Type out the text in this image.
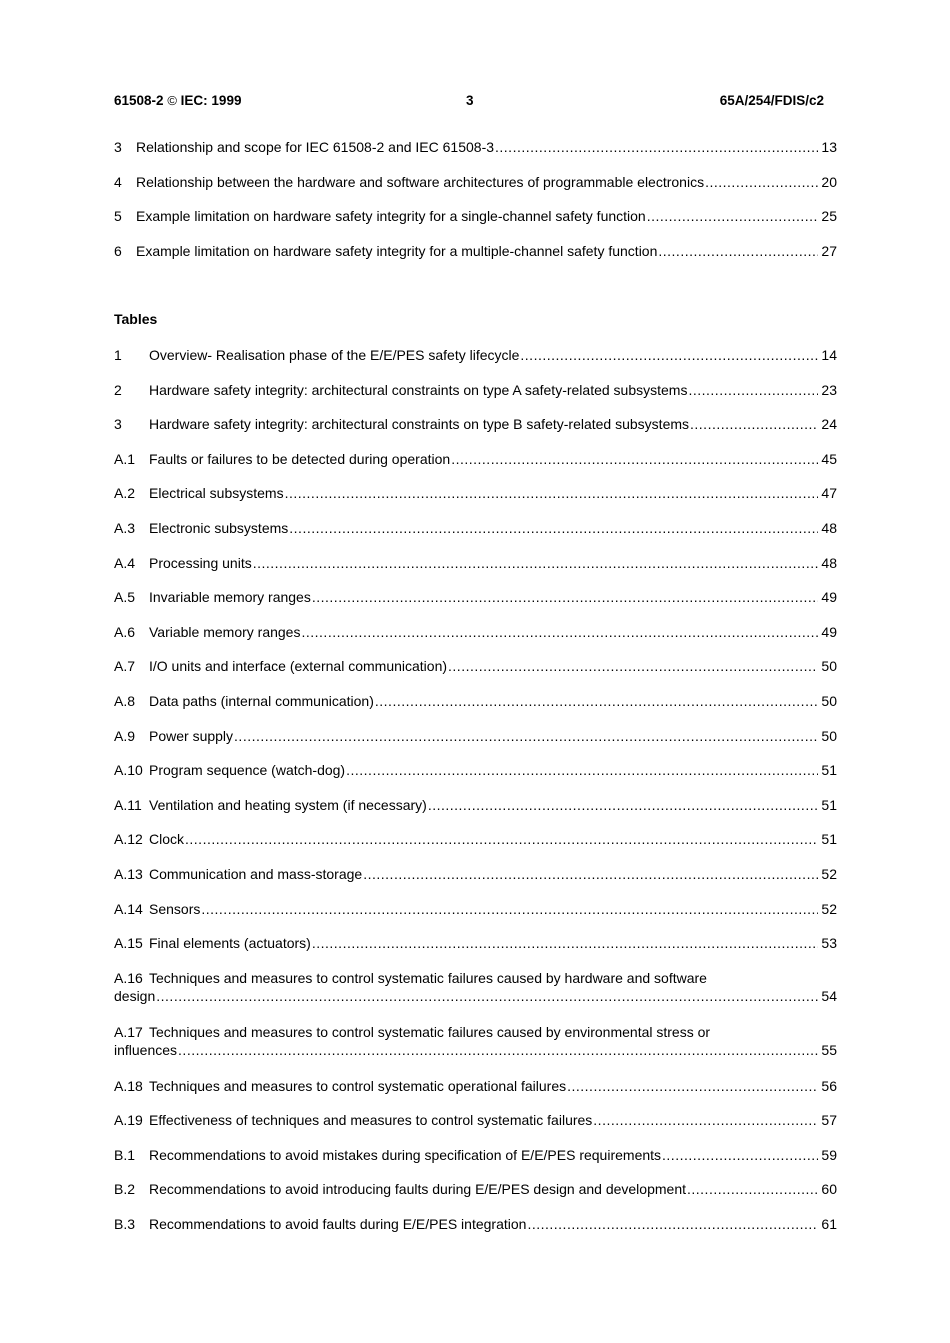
61508-2 © IEC: 1999	3	65A/254/FDIS/c2
3	Relationship and scope for IEC 61508-2 and IEC 61508-3 .....	13
4	Relationship between the hardware and software architectures of programmable electronics .....	20
5	Example limitation on hardware safety integrity for a single-channel safety function .....	25
6	Example limitation on hardware safety integrity for a multiple-channel safety function .....	27
Tables
1	Overview- Realisation phase of the E/E/PES safety lifecycle .....	14
2	Hardware safety integrity: architectural constraints on type A safety-related subsystems .....	23
3	Hardware safety integrity: architectural constraints on type B safety-related subsystems .....	24
A.1 Faults or failures to be detected during operation .....	45
A.2 Electrical subsystems .....	47
A.3 Electronic subsystems .....	48
A.4 Processing units .....	48
A.5 Invariable memory ranges .....	49
A.6 Variable memory ranges .....	49
A.7 I/O units and interface (external communication) .....	50
A.8 Data paths (internal communication) .....	50
A.9 Power supply .....	50
A.10 Program sequence (watch-dog) .....	51
A.11 Ventilation and heating system (if necessary) .....	51
A.12 Clock .....	51
A.13 Communication and mass-storage .....	52
A.14 Sensors .....	52
A.15 Final elements (actuators) .....	53
A.16 Techniques and measures to control systematic failures caused by hardware and software
design .....	54
A.17 Techniques and measures to control systematic failures caused by environmental stress or
influences .....	55
A.18 Techniques and measures to control systematic operational failures .....	56
A.19 Effectiveness of techniques and measures to control systematic failures .....	57
B.1 Recommendations to avoid mistakes during specification of E/E/PES requirements .....	59
B.2 Recommendations to avoid introducing faults during E/E/PES design and development .....	60
B.3 Recommendations to avoid faults during E/E/PES integration .....	61
